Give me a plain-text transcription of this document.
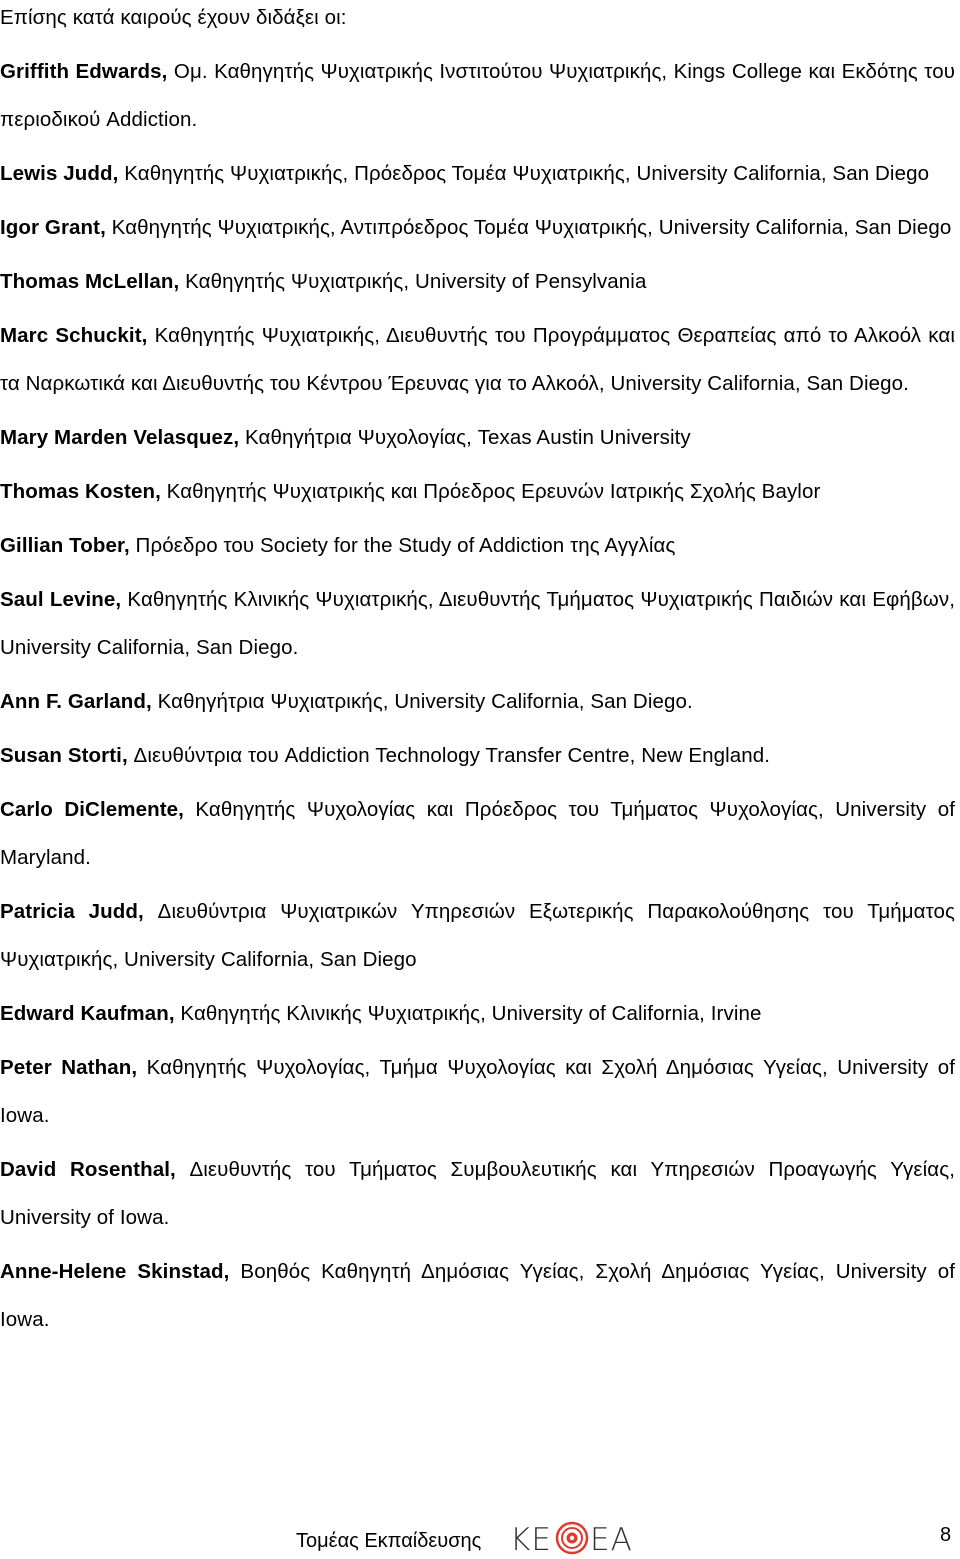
Επίσης κατά καιρούς έχουν διδάξει οι:
Griffith Edwards, Ομ. Καθηγητής Ψυχιατρικής Ινστιτούτου Ψυχιατρικής, Kings College και Εκδότης του περιοδικού Addiction.
Lewis Judd, Καθηγητής Ψυχιατρικής, Πρόεδρος Τομέα Ψυχιατρικής, University California, San Diego
Igor Grant, Καθηγητής Ψυχιατρικής, Αντιπρόεδρος Τομέα Ψυχιατρικής, University California, San Diego
Thomas McLellan, Καθηγητής Ψυχιατρικής, University of Pensylvania
Marc Schuckit, Καθηγητής Ψυχιατρικής, Διευθυντής του Προγράμματος Θεραπείας από το Αλκοόλ και τα Ναρκωτικά και Διευθυντής του Κέντρου Έρευνας για το Αλκοόλ, University California, San Diego.
Mary Marden Velasquez, Καθηγήτρια Ψυχολογίας, Texas Austin University
Thomas Kosten, Καθηγητής Ψυχιατρικής και Πρόεδρος Ερευνών Ιατρικής Σχολής Baylor
Gillian Tober, Πρόεδρο του Society for the Study of Addiction της Αγγλίας
Saul Levine, Καθηγητής Κλινικής Ψυχιατρικής, Διευθυντής Τμήματος Ψυχιατρικής Παιδιών και Εφήβων, University California, San Diego.
Ann F. Garland, Καθηγήτρια Ψυχιατρικής, University California, San Diego.
Susan Storti, Διευθύντρια του Addiction Technology Transfer Centre, New England.
Carlo DiClemente, Καθηγητής Ψυχολογίας και Πρόεδρος του Τμήματος Ψυχολογίας, University of Maryland.
Patricia Judd, Διευθύντρια Ψυχιατρικών Υπηρεσιών Εξωτερικής Παρακολούθησης του Τμήματος Ψυχιατρικής, University California, San Diego
Edward Kaufman, Καθηγητής Κλινικής Ψυχιατρικής, University of California, Irvine
Peter Nathan, Καθηγητής Ψυχολογίας, Τμήμα Ψυχολογίας και Σχολή Δημόσιας Υγείας, University of Iowa.
David Rosenthal, Διευθυντής του Τμήματος Συμβουλευτικής και Υπηρεσιών Προαγωγής Υγείας, University of Iowa.
Anne-Helene Skinstad, Βοηθός Καθηγητή Δημόσιας Υγείας, Σχολή Δημόσιας Υγείας, University of Iowa.
Τομέας Εκπαίδευσης KE EA	8
